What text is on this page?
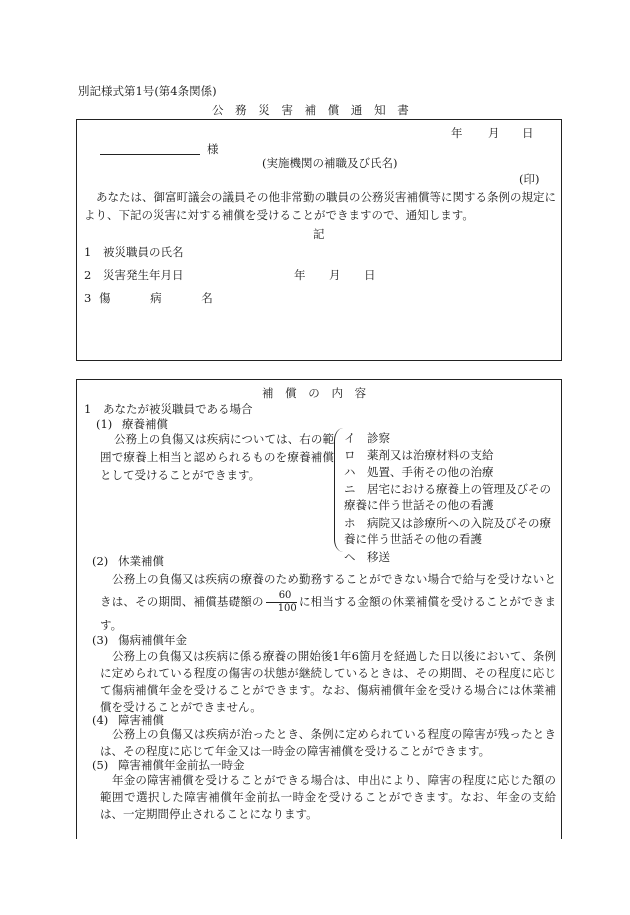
別記様式第1号(第4条関係)
公 務 災 害 補 償 通 知 書
年 月 日
様
(実施機関の補職及び氏名)
(印)
あなたは、御富町議会の議員その他非常勤の職員の公務災害補償等に関する条例の規定により、下記の災害に対する補償を受けることができますので、通知します。
記
1 被災職員の氏名
2 災害発生年月日	年 月 日
3 傷 病 名
補 償 の 内 容
1 あなたが被災職員である場合
(1) 療養補償
公務上の負傷又は疾病については、右の範囲で療養上相当と認められるものを療養補償として受けることができます。
イ　 診察
ロ　 薬剤又は治療材料の支給
ハ　 処置、手術その他の治療
ニ　 居宅における療養上の管理及びその療養に伴う世話その他の看護
ホ　 病院又は診療所への入院及びその療養に伴う世話その他の看護
ヘ　 移送
(2) 休業補償
公務上の負傷又は疾病の療養のため勤務することができない場合で給与を受けないときは、その期間、補償基礎額の $\frac{60}{100}$ に相当する金額の休業補償を受けることができます。
(3) 傷病補償年金
公務上の負傷又は疾病に係る療養の開始後1年6箇月を経過した日以後において、条例に定められている程度の傷害の状態が継続しているときは、その期間、その程度に応じて傷病補償年金を受けることができます。なお、傷病補償年金を受ける場合には休業補償を受けることができません。
(4) 障害補償
公務上の負傷又は疾病が治ったとき、条例に定められている程度の障害が残ったときは、その程度に応じて年金又は一時金の障害補償を受けることができます。
(5) 障害補償年金前払一時金
年金の障害補償を受けることができる場合は、申出により、障害の程度に応じた額の範囲で選択した障害補償年金前払一時金を受けることができます。なお、年金の支給は、一定期間停止されることになります。
